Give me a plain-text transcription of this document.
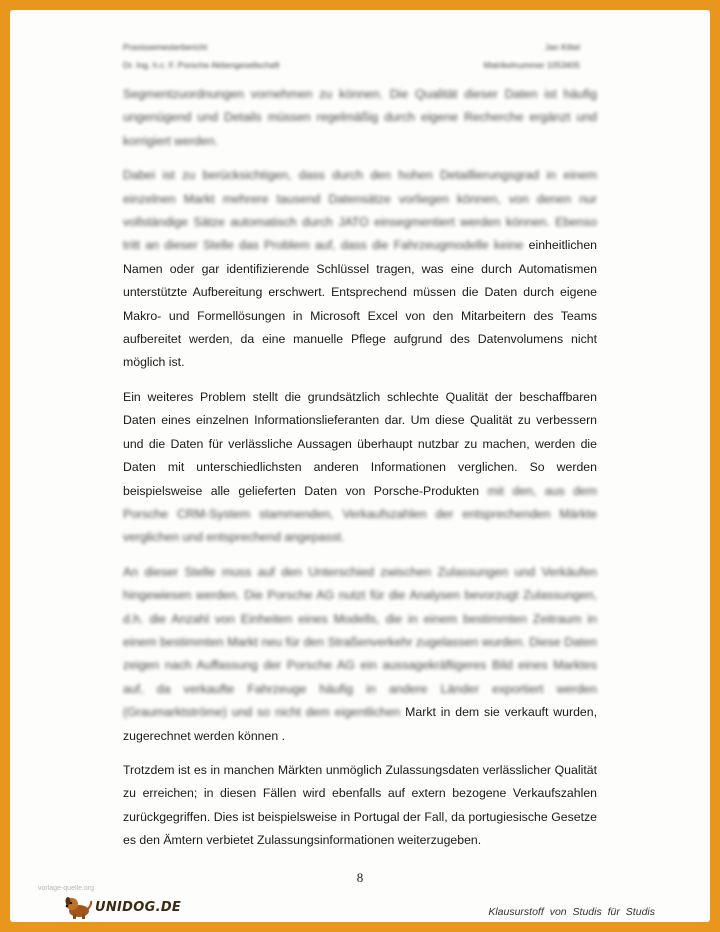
Praxissemesterbericht	Jan Kittel
Dr. Ing. h.c. F. Porsche Aktiengesellschaft	Matrikelnummer 1053405

Segmentzuordnungen vornehmen zu können. Die Qualität dieser Daten ist häufig ungenügend und Details müssen regelmäßig durch eigene Recherche ergänzt und korrigiert werden.

Dabei ist zu berücksichtigen, dass durch den hohen Detaillierungsgrad in einem einzelnen Markt mehrere tausend Datensätze vorliegen können, von denen nur vollständige Sätze automatisch durch JATO einsegmentiert werden können. Ebenso tritt an dieser Stelle das Problem auf, dass die Fahrzeugmodelle keine einheitlichen Namen oder gar identifizierende Schlüssel tragen, was eine durch Automatismen unterstützte Aufbereitung erschwert. Entsprechend müssen die Daten durch eigene Makro- und Formellösungen in Microsoft Excel von den Mitarbeitern des Teams aufbereitet werden, da eine manuelle Pflege aufgrund des Datenvolumens nicht möglich ist.

Ein weiteres Problem stellt die grundsätzlich schlechte Qualität der beschaffbaren Daten eines einzelnen Informationslieferanten dar. Um diese Qualität zu verbessern und die Daten für verlässliche Aussagen überhaupt nutzbar zu machen, werden die Daten mit unterschiedlichsten anderen Informationen verglichen. So werden beispielsweise alle gelieferten Daten von Porsche-Produkten mit den, aus dem Porsche CRM-System stammenden, Verkaufszahlen der entsprechenden Märkte verglichen und entsprechend angepasst.

An dieser Stelle muss auf den Unterschied zwischen Zulassungen und Verkäufen hingewiesen werden. Die Porsche AG nutzt für die Analysen bevorzugt Zulassungen, d.h. die Anzahl von Einheiten eines Modells, die in einem bestimmten Zeitraum in einem bestimmten Markt neu für den Straßenverkehr zugelassen wurden. Diese Daten zeigen nach Auffassung der Porsche AG ein aussagekräftigeres Bild eines Marktes auf, da verkaufte Fahrzeuge häufig in andere Länder exportiert werden (Graumarktströme) und so nicht dem eigentlichen Markt in dem sie verkauft wurden, zugerechnet werden können .

Trotzdem ist es in manchen Märkten unmöglich Zulassungsdaten verlässlicher Qualität zu erreichen; in diesen Fällen wird ebenfalls auf extern bezogene Verkaufszahlen zurückgegriffen. Dies ist beispielsweise in Portugal der Fall, da portugiesische Gesetze es den Ämtern verbietet Zulassungsinformationen weiterzugeben.

8
vorlage-quelle.org
UNIDOG.DE	Klausurstoff von Studis für Studis
